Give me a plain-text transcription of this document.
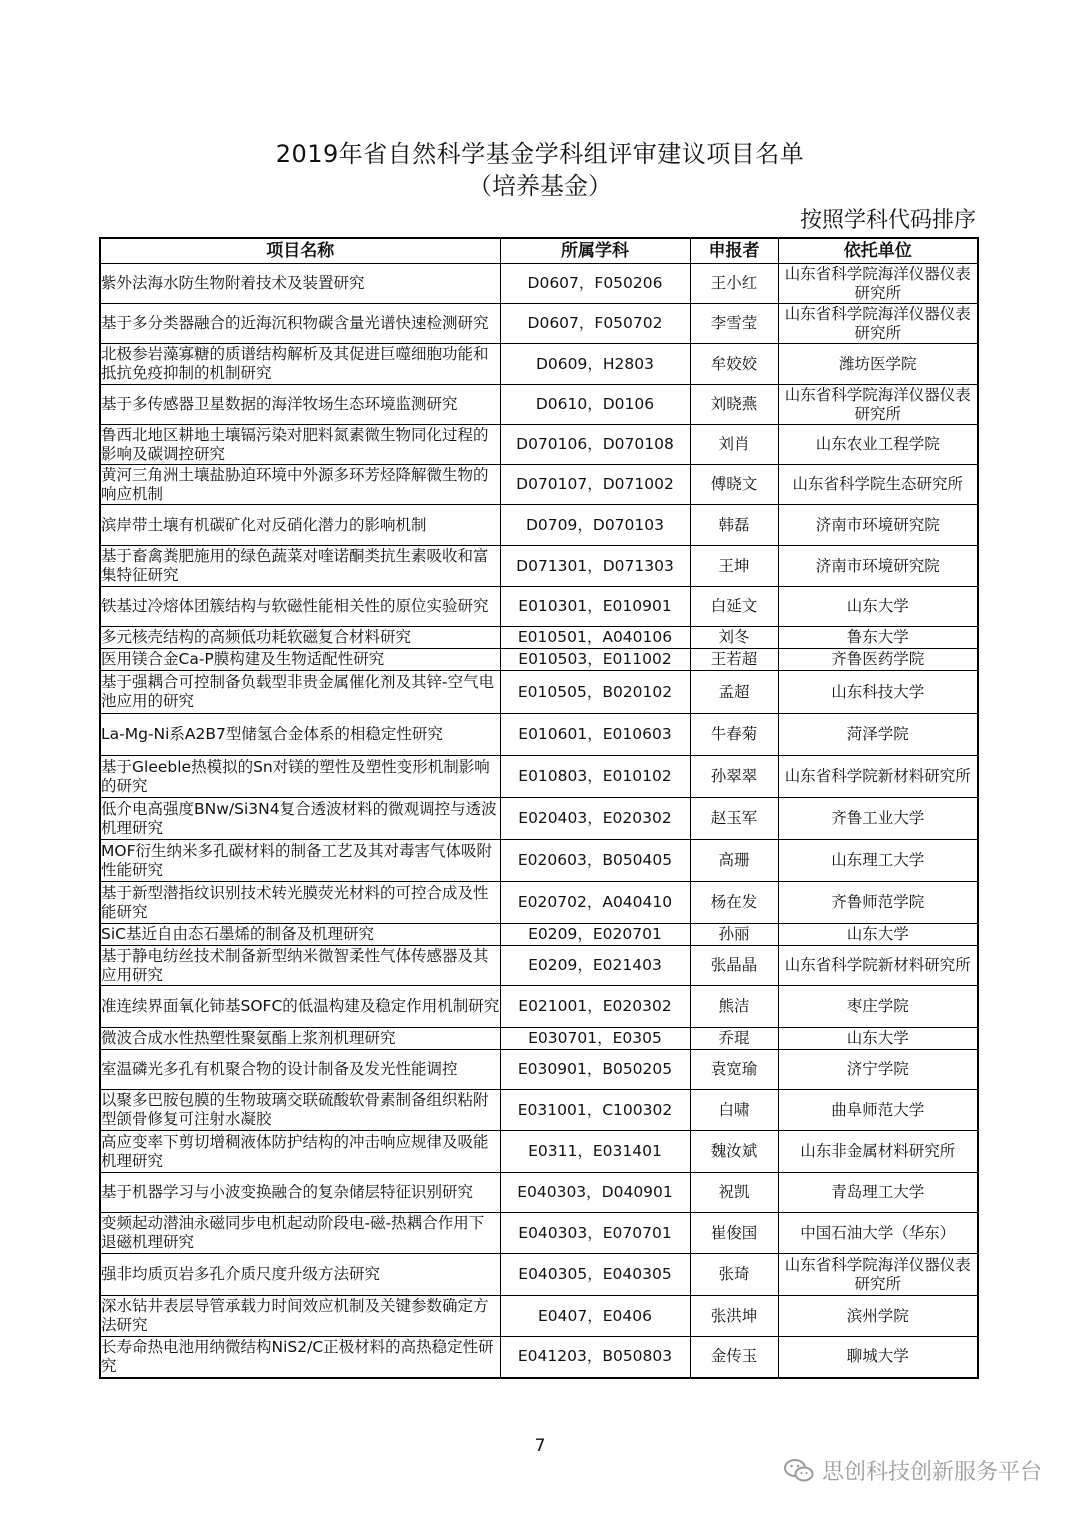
2019年省自然科学基金学科组评审建议项目名单
（培养基金）
按照学科代码排序
项目名称	所属学科	申报者	依托单位

紫外法海水防生物附着技术及装置研究	D0607，F050206	王小红	山东省科学院海洋仪器仪表研究所

基于多分类器融合的近海沉积物碳含量光谱快速检测研究	D0607，F050702	李雪莹	山东省科学院海洋仪器仪表研究所

北极参岩藻寡糖的质谱结构解析及其促进巨噬细胞功能和抵抗免疫抑制的机制研究	D0609，H2803	牟姣姣	潍坊医学院

基于多传感器卫星数据的海洋牧场生态环境监测研究	D0610，D0106	刘晓燕	山东省科学院海洋仪器仪表研究所

鲁西北地区耕地土壤镉污染对肥料氮素微生物同化过程的影响及碳调控研究	D070106，D070108	刘肖	山东农业工程学院

黄河三角洲土壤盐胁迫环境中外源多环芳烃降解微生物的响应机制	D070107，D071002	傅晓文	山东省科学院生态研究所

滨岸带土壤有机碳矿化对反硝化潜力的影响机制	D0709，D070103	韩磊	济南市环境研究院

基于畜禽粪肥施用的绿色蔬菜对喹诺酮类抗生素吸收和富集特征研究	D071301，D071303	王坤	济南市环境研究院

铁基过冷熔体团簇结构与软磁性能相关性的原位实验研究	E010301，E010901	白延文	山东大学

多元核壳结构的高频低功耗软磁复合材料研究	E010501，A040106	刘冬	鲁东大学

医用镁合金Ca-P膜构建及生物适配性研究	E010503，E011002	王若超	齐鲁医药学院

基于强耦合可控制备负载型非贵金属催化剂及其锌-空气电池应用的研究	E010505，B020102	孟超	山东科技大学

La-Mg-Ni系A2B7型储氢合金体系的相稳定性研究	E010601，E010603	牛春菊	菏泽学院

基于Gleeble热模拟的Sn对镁的塑性及塑性变形机制影响的研究	E010803，E010102	孙翠翠	山东省科学院新材料研究所

低介电高强度BNw/Si3N4复合透波材料的微观调控与透波机理研究	E020403，E020302	赵玉军	齐鲁工业大学

MOF衍生纳米多孔碳材料的制备工艺及其对毒害气体吸附性能研究	E020603，B050405	高珊	山东理工大学

基于新型潜指纹识别技术转光膜荧光材料的可控合成及性能研究	E020702，A040410	杨在发	齐鲁师范学院

SiC基近自由态石墨烯的制备及机理研究	E0209，E020701	孙丽	山东大学

基于静电纺丝技术制备新型纳米微智柔性气体传感器及其应用研究	E0209，E021403	张晶晶	山东省科学院新材料研究所

准连续界面氧化铈基SOFC的低温构建及稳定作用机制研究	E021001，E020302	熊洁	枣庄学院

微波合成水性热塑性聚氨酯上浆剂机理研究	E030701，E0305	乔琨	山东大学

室温磷光多孔有机聚合物的设计制备及发光性能调控	E030901，B050205	袁宽瑜	济宁学院

以聚多巴胺包膜的生物玻璃交联硫酸软骨素制备组织粘附型颌骨修复可注射水凝胶	E031001，C100302	白啸	曲阜师范大学

高应变率下剪切增稠液体防护结构的冲击响应规律及吸能机理研究	E0311，E031401	魏汝斌	山东非金属材料研究所

基于机器学习与小波变换融合的复杂储层特征识别研究	E040303，D040901	祝凯	青岛理工大学

变频起动潜油永磁同步电机起动阶段电-磁-热耦合作用下退磁机理研究	E040303，E070701	崔俊国	中国石油大学（华东）

强非均质页岩多孔介质尺度升级方法研究	E040305，E040305	张琦	山东省科学院海洋仪器仪表研究所

深水钻井表层导管承载力时间效应机制及关键参数确定方法研究	E0407，E0406	张洪坤	滨州学院

长寿命热电池用纳微结构NiS2/C正极材料的高热稳定性研究	E041203，B050803	金传玉	聊城大学
7
思创科技创新服务平台
